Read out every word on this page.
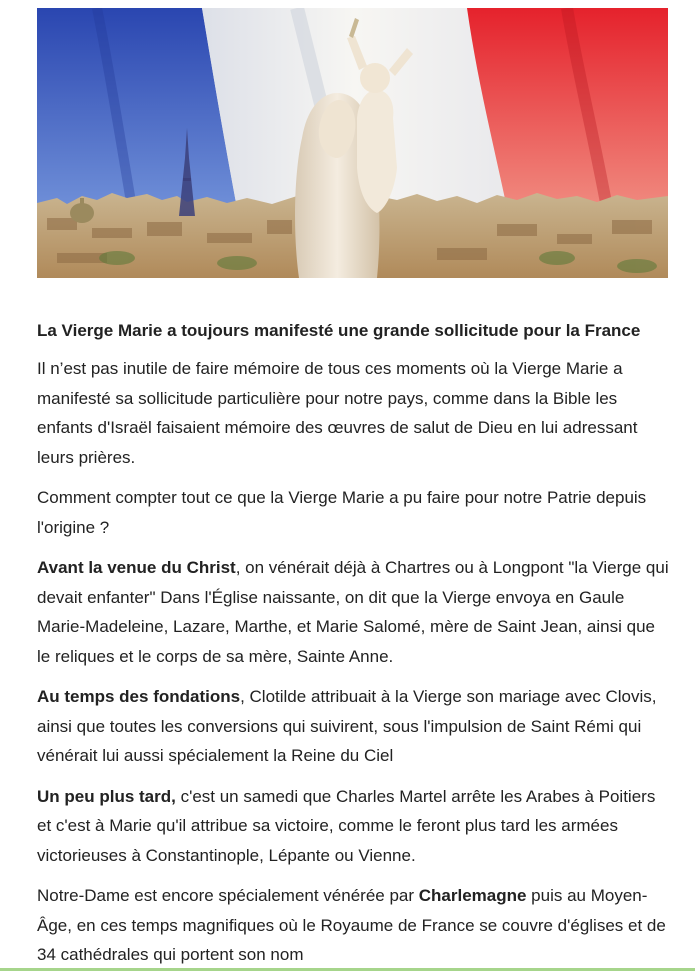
La Vierge Marie a toujours manifesté une grande sollicitude pour la France

Il n’est pas inutile de faire mémoire de tous ces moments où la Vierge Marie a manifesté sa sollicitude particulière pour notre pays, comme dans la Bible les enfants d'Israël faisaient mémoire des œuvres de salut de Dieu en lui adressant leurs prières.

Comment compter tout ce que la Vierge Marie a pu faire pour notre Patrie depuis l'origine ?

Avant la venue du Christ, on vénérait déjà à Chartres ou à Longpont "la Vierge qui devait enfanter" Dans l'Église naissante, on dit que la Vierge envoya en Gaule Marie-Madeleine, Lazare, Marthe, et Marie Salomé, mère de Saint Jean, ainsi que le reliques et le corps de sa mère, Sainte Anne.

Au temps des fondations, Clotilde attribuait à la Vierge son mariage avec Clovis, ainsi que toutes les conversions qui suivirent, sous l'impulsion de Saint Rémi qui vénérait lui aussi spécialement la Reine du Ciel

Un peu plus tard, c'est un samedi que Charles Martel arrête les Arabes à Poitiers et c'est à Marie qu'il attribue sa victoire, comme le feront plus tard les armées victorieuses à Constantinople, Lépante ou Vienne.

Notre-Dame est encore spécialement vénérée par Charlemagne puis au Moyen-Âge, en ces temps magnifiques où le Royaume de France se couvre d'églises et de 34 cathédrales qui portent son nom
